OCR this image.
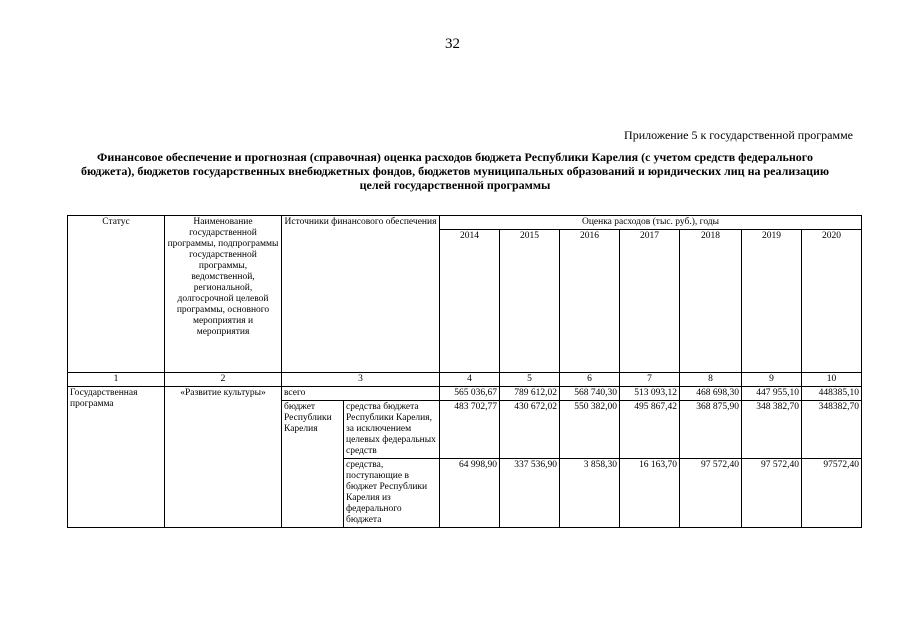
32
Приложение 5 к государственной программе
Финансовое обеспечение и прогнозная (справочная) оценка расходов бюджета Республики Карелия (с учетом средств федерального бюджета), бюджетов государственных внебюджетных фондов, бюджетов муниципальных образований и юридических лиц на реализацию целей государственной программы
Статус	Наименование государственной программы, подпрограммы государственной программы, ведомственной, региональной, долгосрочной целевой программы, основного мероприятия и мероприятия	Источники финансового обеспечения		Оценка расходов (тыс. руб.), годы						
				2014	2015	2016	2017	2018	2019	2020
1	2	3		4	5	6	7	8	9	10
Государственная программа	«Развитие культуры»	всего		565 036,67	789 612,02	568 740,30	513 093,12	468 698,30	447 955,10	448385,10
		бюджет Республики Карелия	средства бюджета Республики Карелия, за исключением целевых федеральных средств	483 702,77	430 672,02	550 382,00	495 867,42	368 875,90	348 382,70	348382,70
			средства, поступающие в бюджет Республики Карелия из федерального бюджета	64 998,90	337 536,90	3 858,30	16 163,70	97 572,40	97 572,40	97572,40
